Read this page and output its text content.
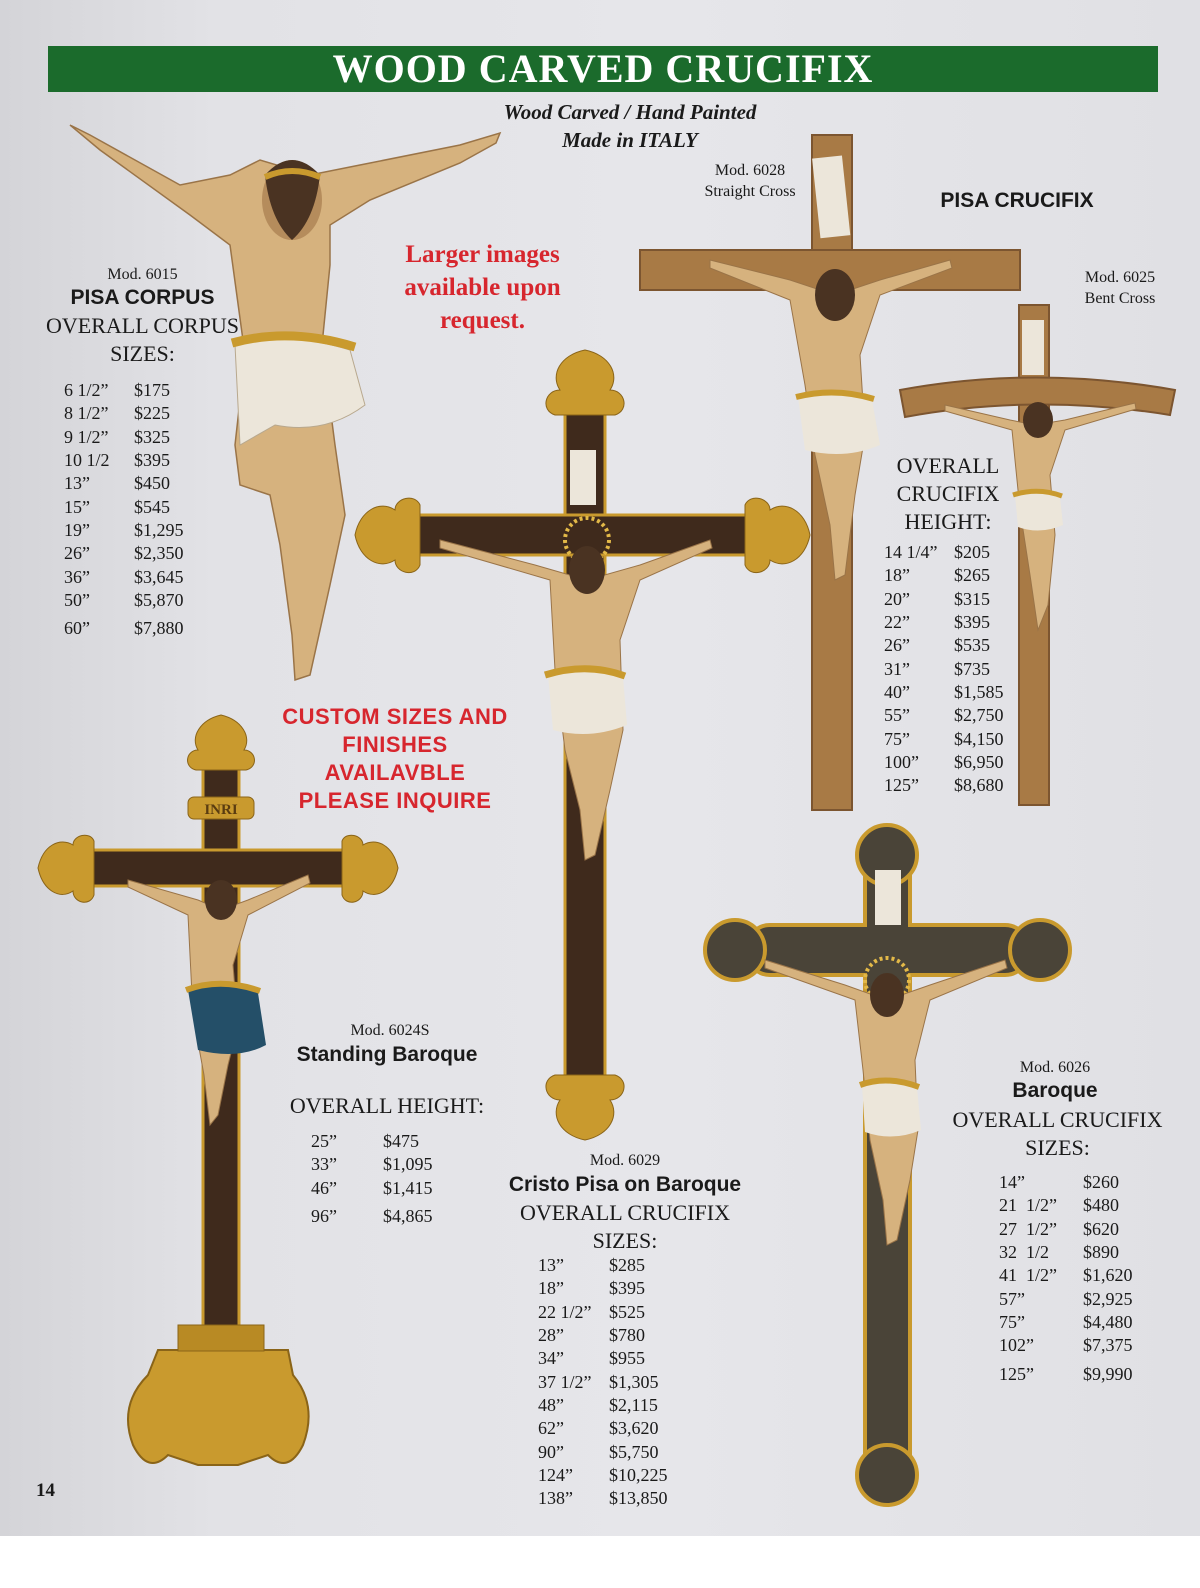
WOOD CARVED CRUCIFIX
Wood Carved / Hand Painted
Made in ITALY
INRI
Larger images
available upon
request.
CUSTOM SIZES AND
FINISHES
AVAILAVBLE
PLEASE INQUIRE
Mod. 6015
PISA CORPUS
OVERALL CORPUS
SIZES:
6 1/2”	$175
8 1/2”	$225
9 1/2”	$325
10 1/2	$395
13”	$450
15”	$545
19”	$1,295
26”	$2,350
36”	$3,645
50”	$5,870
60”	$7,880
Mod. 6028
Straight Cross	PISA CRUCIFIX
Mod. 6025
Bent Cross
OVERALL
CRUCIFIX
HEIGHT:
14 1/4”	$205
18”	$265
20”	$315
22”	$395
26”	$535
31”	$735
40”	$1,585
55”	$2,750
75”	$4,150
100”	$6,950
125”	$8,680
Mod. 6024S
Standing Baroque
OVERALL HEIGHT:
25”	$475
33”	$1,095
46”	$1,415
96”	$4,865
Mod. 6029
Cristo Pisa on Baroque
OVERALL CRUCIFIX
SIZES:
13”	$285
18”	$395
22 1/2”	$525
28”	$780
34”	$955
37 1/2”	$1,305
48”	$2,115
62”	$3,620
90”	$5,750
124”	$10,225
138”	$13,850
Mod. 6026
Baroque
OVERALL CRUCIFIX
SIZES:
14”	$260
21  1/2”	$480
27  1/2”	$620
32  1/2	$890
41  1/2”	$1,620
57”	$2,925
75”	$4,480
102”	$7,375
125”	$9,990
14
